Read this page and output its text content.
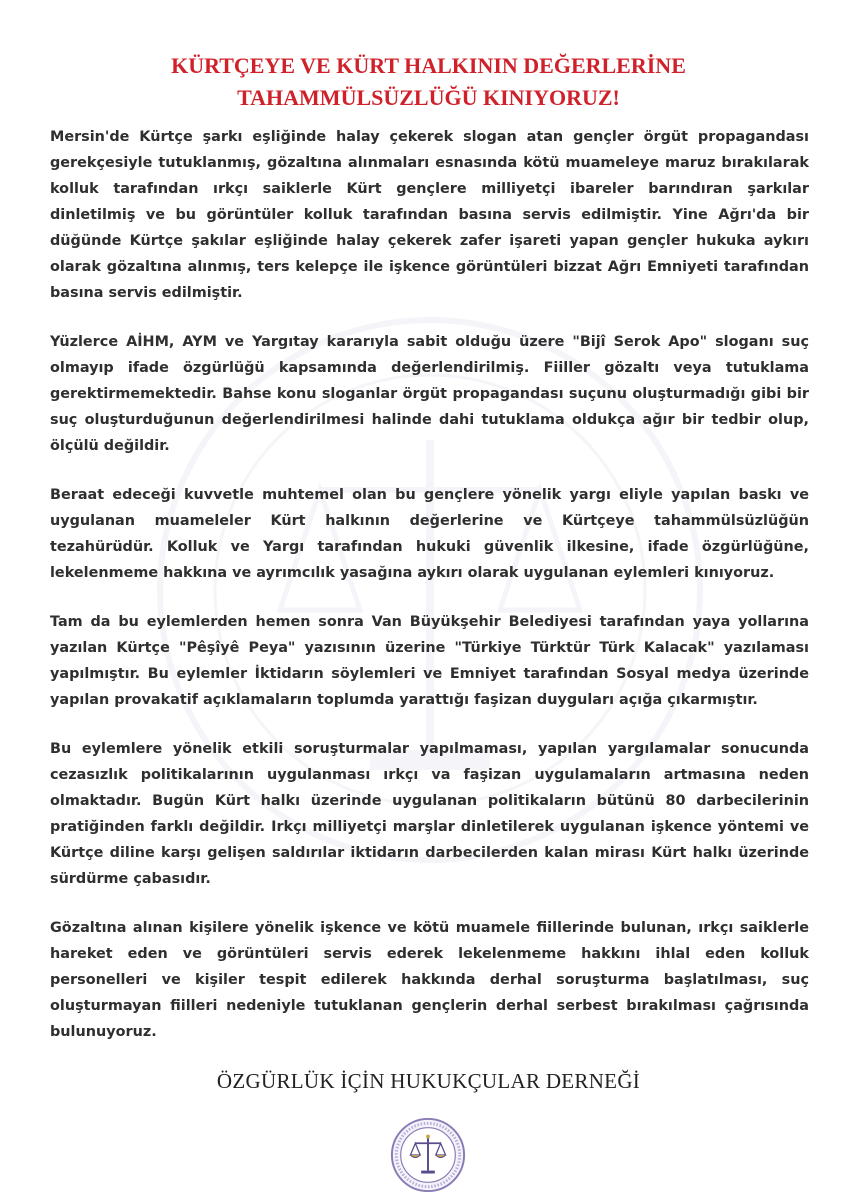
KÜRTÇEYE VE KÜRT HALKININ DEĞERLERİNE
TAHAMMÜLSÜZLÜĞÜ KINIYORUZ!

Mersin'de Kürtçe şarkı eşliğinde halay çekerek slogan atan gençler örgüt propagandası gerekçesiyle tutuklanmış, gözaltına alınmaları esnasında kötü muameleye maruz bırakılarak kolluk tarafından ırkçı saiklerle Kürt gençlere milliyetçi ibareler barındıran şarkılar dinletilmiş ve bu görüntüler kolluk tarafından basına servis edilmiştir. Yine Ağrı'da bir düğünde Kürtçe şakılar eşliğinde halay çekerek zafer işareti yapan gençler hukuka aykırı olarak gözaltına alınmış, ters kelepçe ile işkence görüntüleri bizzat Ağrı Emniyeti tarafından basına servis edilmiştir.

Yüzlerce AİHM, AYM ve Yargıtay kararıyla sabit olduğu üzere "Bijî Serok Apo" sloganı suç olmayıp ifade özgürlüğü kapsamında değerlendirilmiş. Fiiller gözaltı veya tutuklama gerektirmemektedir. Bahse konu sloganlar örgüt propagandası suçunu oluşturmadığı gibi bir suç oluşturduğunun değerlendirilmesi halinde dahi tutuklama oldukça ağır bir tedbir olup, ölçülü değildir.

Beraat edeceği kuvvetle muhtemel olan bu gençlere yönelik yargı eliyle yapılan baskı ve uygulanan muameleler Kürt halkının değerlerine ve Kürtçeye tahammülsüzlüğün tezahürüdür. Kolluk ve Yargı tarafından hukuki güvenlik ilkesine, ifade özgürlüğüne, lekelenmeme hakkına ve ayrımcılık yasağına aykırı olarak uygulanan eylemleri kınıyoruz.

Tam da bu eylemlerden hemen sonra Van Büyükşehir Belediyesi tarafından yaya yollarına yazılan Kürtçe "Pêşîyê Peya" yazısının üzerine "Türkiye Türktür Türk Kalacak" yazılaması yapılmıştır. Bu eylemler İktidarın söylemleri ve Emniyet tarafından Sosyal medya üzerinde yapılan provakatif açıklamaların toplumda yarattığı faşizan duyguları açığa çıkarmıştır.

Bu eylemlere yönelik etkili soruşturmalar yapılmaması, yapılan yargılamalar sonucunda cezasızlık politikalarının uygulanması ırkçı va faşizan uygulamaların artmasına neden olmaktadır. Bugün Kürt halkı üzerinde uygulanan politikaların bütünü 80 darbecilerinin pratiğinden farklı değildir. Irkçı milliyetçi marşlar dinletilerek uygulanan işkence yöntemi ve Kürtçe diline karşı gelişen saldırılar iktidarın darbecilerden kalan mirası Kürt halkı üzerinde sürdürme çabasıdır.

Gözaltına alınan kişilere yönelik işkence ve kötü muamele fiillerinde bulunan, ırkçı saiklerle hareket eden ve görüntüleri servis ederek lekelenmeme hakkını ihlal eden kolluk personelleri ve kişiler tespit edilerek hakkında derhal soruşturma başlatılması, suç oluşturmayan fiilleri nedeniyle tutuklanan gençlerin derhal serbest bırakılması çağrısında bulunuyoruz.

ÖZGÜRLÜK İÇİN HUKUKÇULAR DERNEĞİ
